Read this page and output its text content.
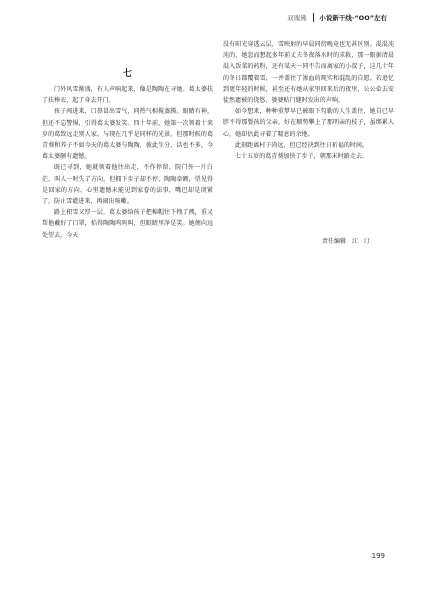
双瑰佛 小说新干线·“OO”左右
七

门外风雪渐盛，有人声响起来，像是陶陶在寻她。葛太婆扶了扶棒衣，起了身去开门。

孩子闯进来，口鼻冒出雪气，同热气相搅蒸腾。眼睛有神，但还不忘警惕，引得葛太婆发笑。四十年前，她第一次领着十来岁的葛致远走别人家，与现在几乎是同样的光景。但那时候的葛青葵和养子不如今天的葛太婆与陶陶，彼此生分，话也不多，今葛太婆颇有遗憾。

既已寻到，她就领着他往出走，不作停留。院门外一片白茫，叫人一时失了方向，但拥下步子却不停，陶陶牵额，望见得是回家的方向。心里遗憾未能见到家眷的法事，嘴巴却是闭紧了，防止雪灌进来，再闹出咳嗽。

路上积雪又厚一层，葛太婆给孩子把棉帽往下拽了拽，重又帮他戴好了口罩，掐得陶陶呜呜叫，但眼睛里净是笑。她便向远处望去，今天

没有阳光穿透云层，雪映射的早晨同傍晚竟也无甚区别。混混沌沌的，她忽而想起多年前丈夫冬夜落水时的求救，那一眼据清晨混入饭菜的药粉，还有某天一同不告而离家的小叔子，这几十年的冬日都覆着雪，一并盖住了渗血的现实和混乱的自愿。若追忆到更年轻的时候，甚至还有她从家里回来后的夜里，公公牵去安徒然遗被的侥悠，婆婆贴门缝时发出的声响。

如今想来，种种重梦早已被眼下勾勒的人生盖住，她自已早胖不得那婴孩的父亲，好在顺势攀上了那明亲的枝子，虽绑累人心，她却估此寻着了喘息的余地。

此刻距离村子尚远，但已经抉到往日祈福的时间。

七十五岁的葛青葵加快了步子，朝那未时路走去。

责任编辑　江　汀
199
